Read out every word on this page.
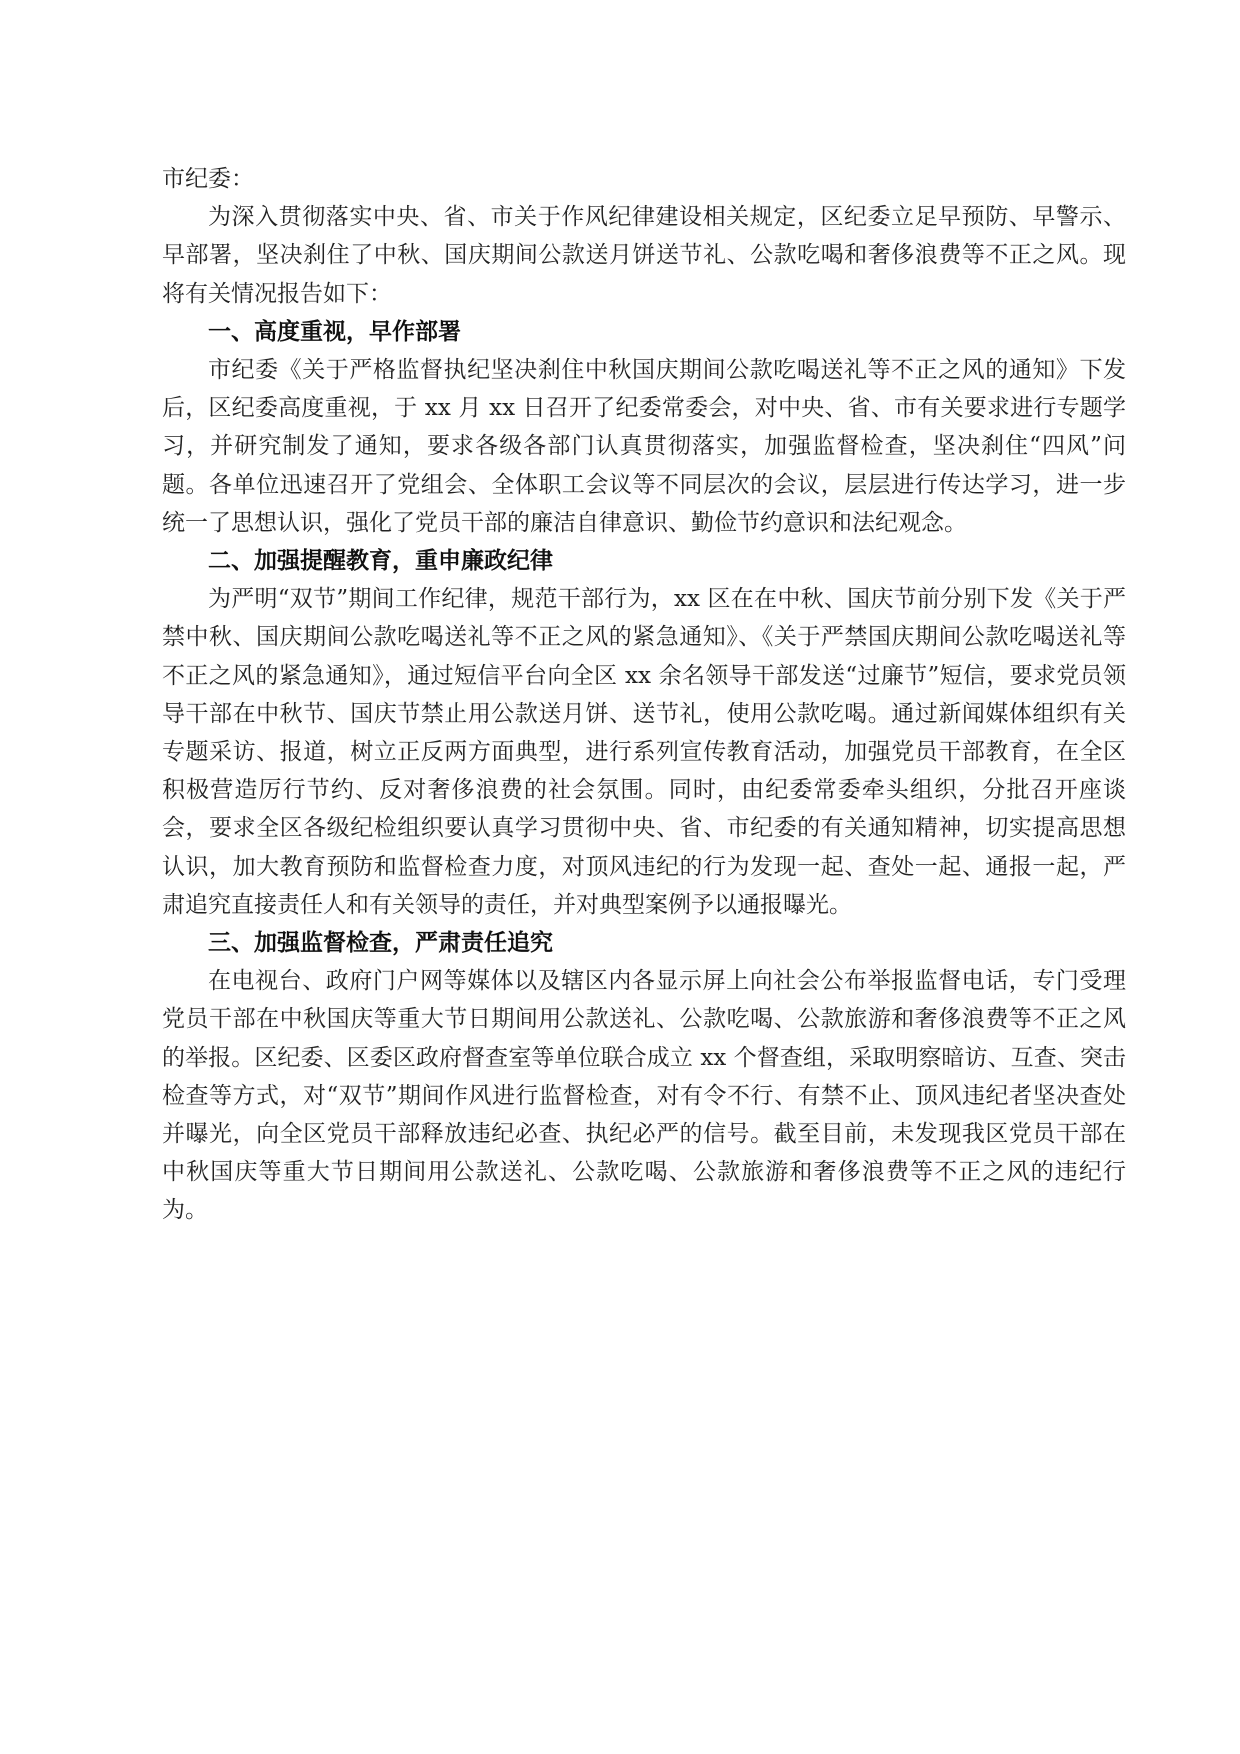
市纪委：

为深入贯彻落实中央、省、市关于作风纪律建设相关规定，区纪委立足早预防、早警示、早部署，坚决刹住了中秋、国庆期间公款送月饼送节礼、公款吃喝和奢侈浪费等不正之风。现将有关情况报告如下：

一、高度重视，早作部署

市纪委《关于严格监督执纪坚决刹住中秋国庆期间公款吃喝送礼等不正之风的通知》下发后，区纪委高度重视，于 xx 月 xx 日召开了纪委常委会，对中央、省、市有关要求进行专题学习，并研究制发了通知，要求各级各部门认真贯彻落实，加强监督检查，坚决刹住“四风”问题。各单位迅速召开了党组会、全体职工会议等不同层次的会议，层层进行传达学习，进一步统一了思想认识，强化了党员干部的廉洁自律意识、勤俭节约意识和法纪观念。

二、加强提醒教育，重申廉政纪律

为严明“双节”期间工作纪律，规范干部行为，xx 区在在中秋、国庆节前分别下发《关于严禁中秋、国庆期间公款吃喝送礼等不正之风的紧急通知》、《关于严禁国庆期间公款吃喝送礼等不正之风的紧急通知》，通过短信平台向全区 xx 余名领导干部发送“过廉节”短信，要求党员领导干部在中秋节、国庆节禁止用公款送月饼、送节礼，使用公款吃喝。通过新闻媒体组织有关专题采访、报道，树立正反两方面典型，进行系列宣传教育活动，加强党员干部教育，在全区积极营造厉行节约、反对奢侈浪费的社会氛围。同时，由纪委常委牵头组织，分批召开座谈会，要求全区各级纪检组织要认真学习贯彻中央、省、市纪委的有关通知精神，切实提高思想认识，加大教育预防和监督检查力度，对顶风违纪的行为发现一起、查处一起、通报一起，严肃追究直接责任人和有关领导的责任，并对典型案例予以通报曝光。

三、加强监督检查，严肃责任追究

在电视台、政府门户网等媒体以及辖区内各显示屏上向社会公布举报监督电话，专门受理党员干部在中秋国庆等重大节日期间用公款送礼、公款吃喝、公款旅游和奢侈浪费等不正之风的举报。区纪委、区委区政府督查室等单位联合成立 xx 个督查组，采取明察暗访、互查、突击检查等方式，对“双节”期间作风进行监督检查，对有令不行、有禁不止、顶风违纪者坚决查处并曝光，向全区党员干部释放违纪必查、执纪必严的信号。截至目前，未发现我区党员干部在中秋国庆等重大节日期间用公款送礼、公款吃喝、公款旅游和奢侈浪费等不正之风的违纪行为。
